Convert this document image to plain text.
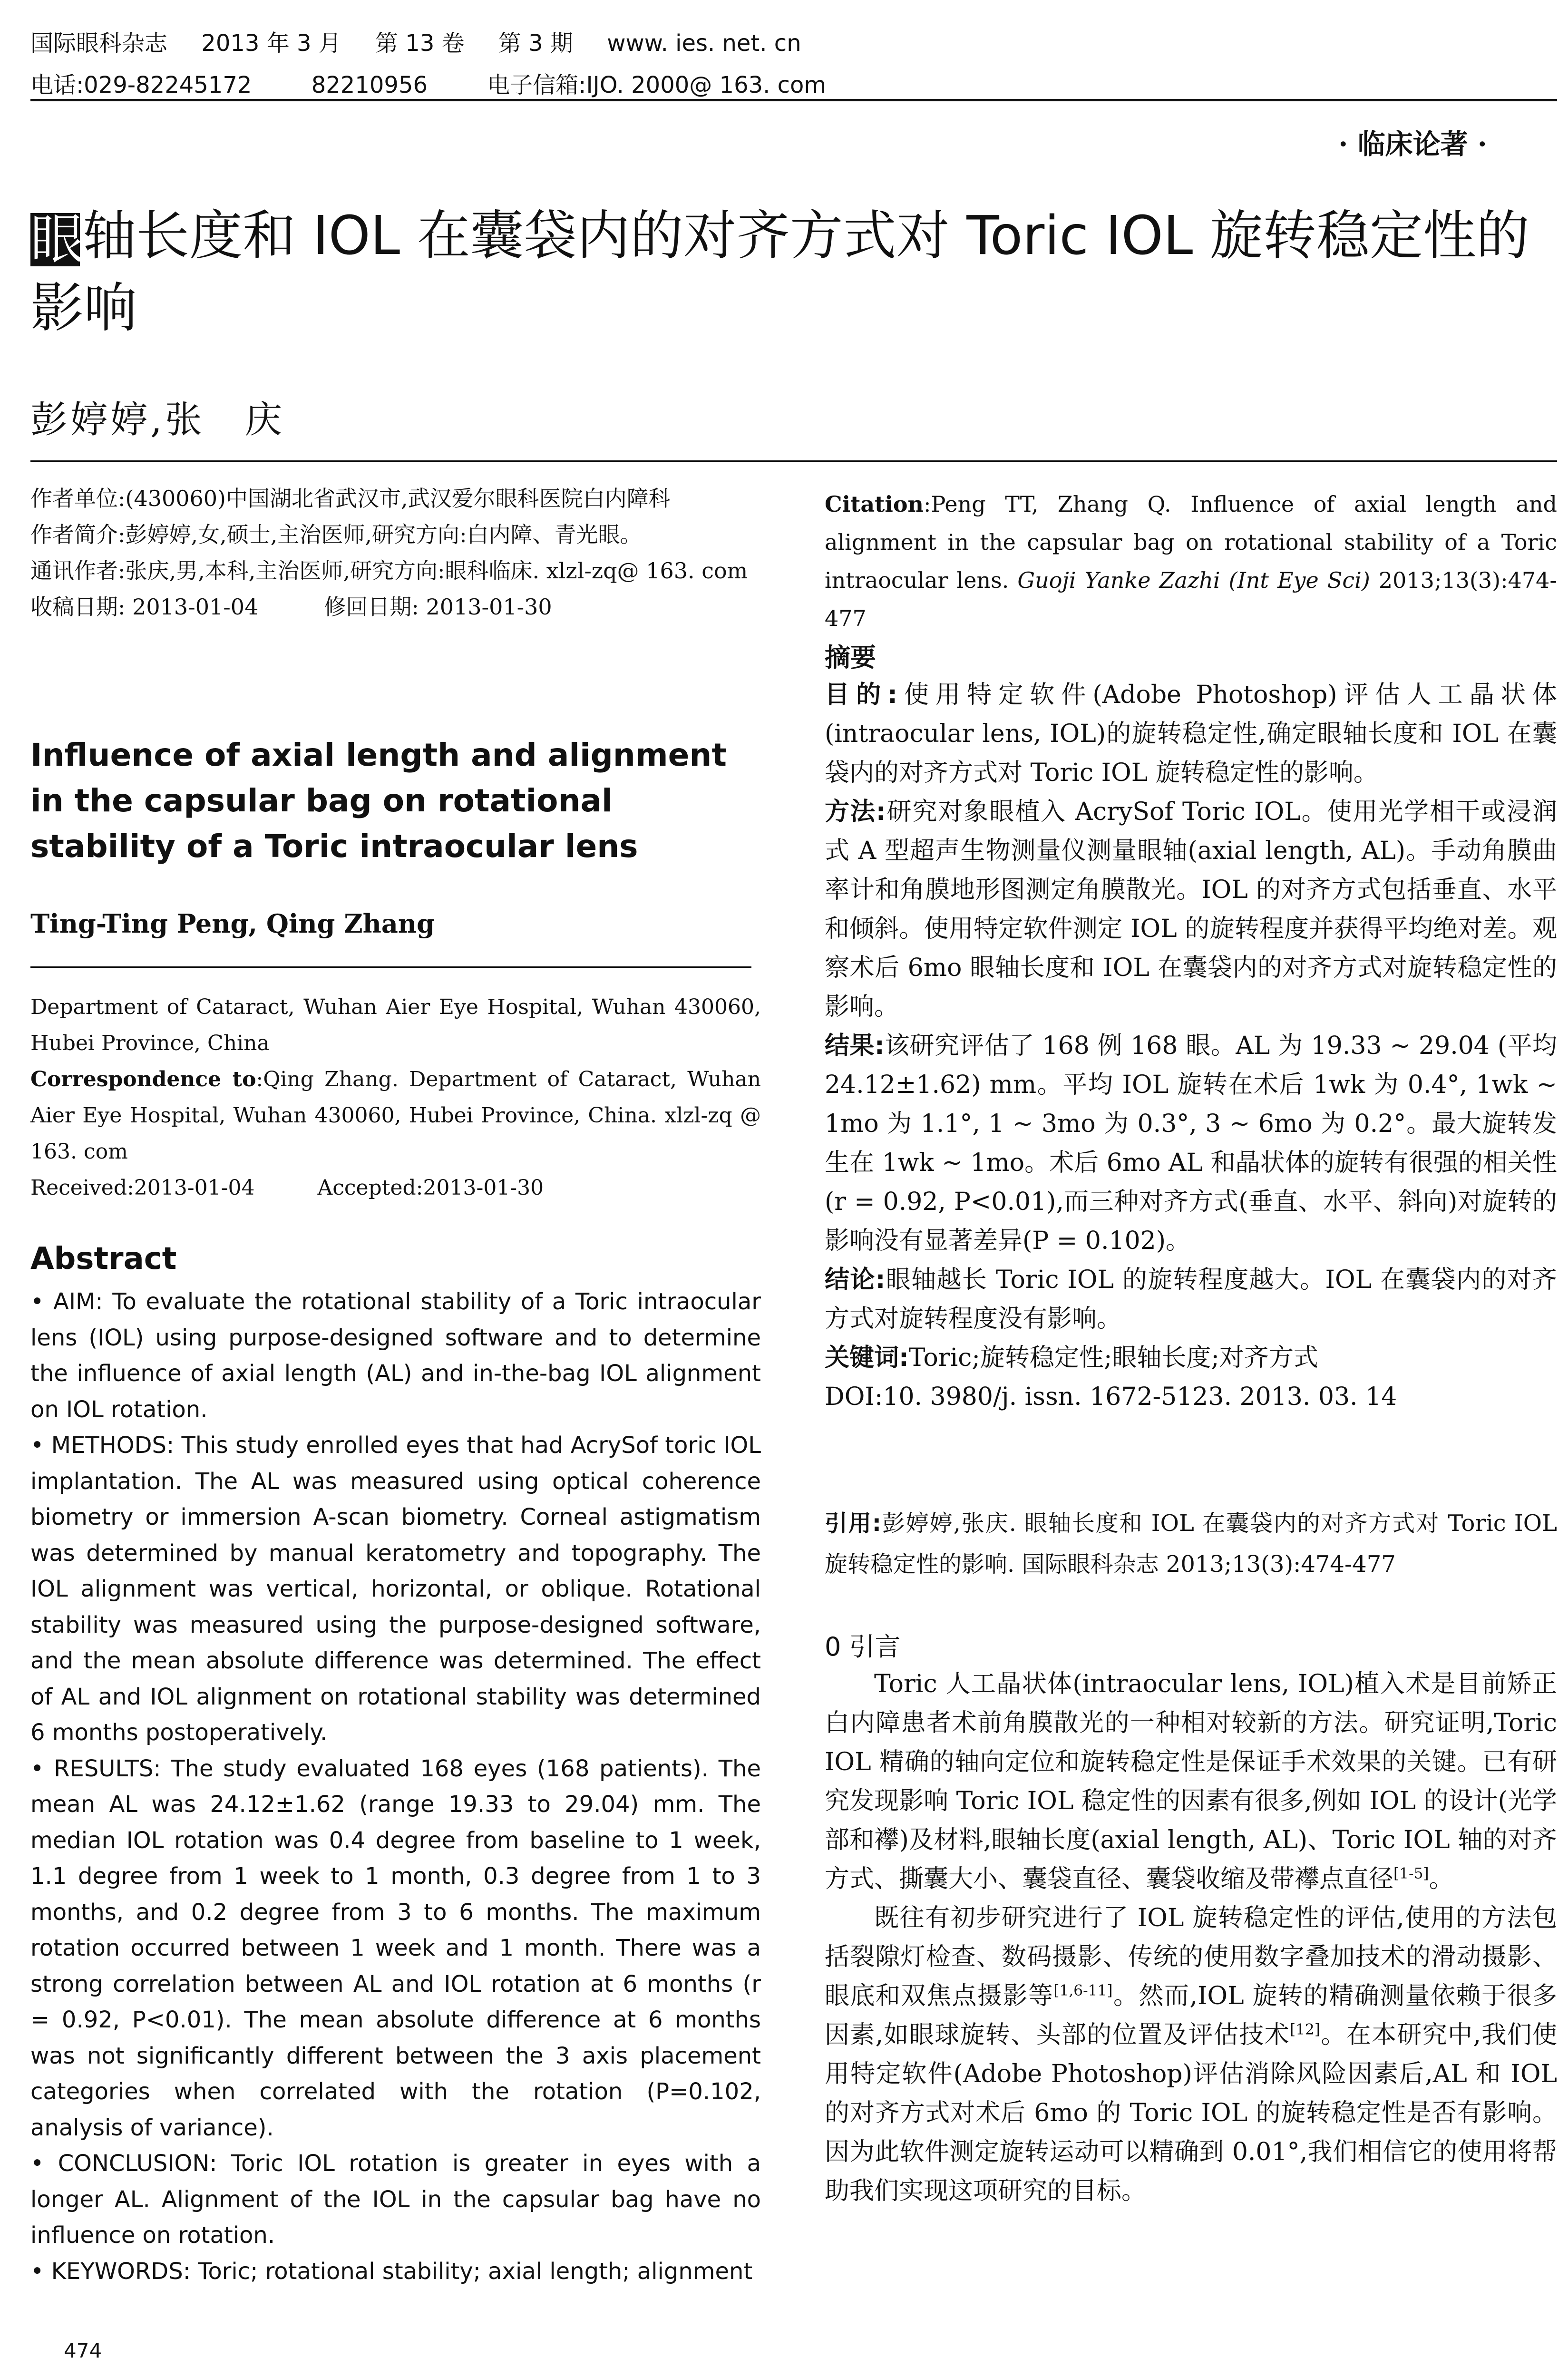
国际眼科杂志 2013 年 3 月 第 13 卷 第 3 期 www. ies. net. cn
电话:029-82245172	82210956	电子信箱:IJO. 2000@ 163. com
· 临床论著 ·
眼轴长度和 IOL 在囊袋内的对齐方式对 Toric IOL 旋转稳定性的影响
彭婷婷,张　庆
作者单位:(430060)中国湖北省武汉市,武汉爱尔眼科医院白内障科
作者简介:彭婷婷,女,硕士,主治医师,研究方向:白内障、青光眼。
通讯作者:张庆,男,本科,主治医师,研究方向:眼科临床. xlzl-zq@ 163. com
收稿日期: 2013-01-04　　　修回日期: 2013-01-30
Influence of axial length and alignment in the capsular bag on rotational stability of a Toric intraocular lens
Ting-Ting Peng, Qing Zhang
Department of Cataract, Wuhan Aier Eye Hospital, Wuhan 430060, Hubei Province, China
Correspondence to:Qing Zhang. Department of Cataract, Wuhan Aier Eye Hospital, Wuhan 430060, Hubei Province, China. xlzl-zq @ 163. com
Received:2013-01-04　　　Accepted:2013-01-30
Abstract

• AIM: To evaluate the rotational stability of a Toric intraocular lens (IOL) using purpose-designed software and to determine the influence of axial length (AL) and in-the-bag IOL alignment on IOL rotation.

• METHODS: This study enrolled eyes that had AcrySof toric IOL implantation. The AL was measured using optical coherence biometry or immersion A-scan biometry. Corneal astigmatism was determined by manual keratometry and topography. The IOL alignment was vertical, horizontal, or oblique. Rotational stability was measured using the purpose-designed software, and the mean absolute difference was determined. The effect of AL and IOL alignment on rotational stability was determined 6 months postoperatively.

• RESULTS: The study evaluated 168 eyes (168 patients). The mean AL was 24.12±1.62 (range 19.33 to 29.04) mm. The median IOL rotation was 0.4 degree from baseline to 1 week, 1.1 degree from 1 week to 1 month, 0.3 degree from 1 to 3 months, and 0.2 degree from 3 to 6 months. The maximum rotation occurred between 1 week and 1 month. There was a strong correlation between AL and IOL rotation at 6 months (r = 0.92, P<0.01). The mean absolute difference at 6 months was not significantly different between the 3 axis placement categories when correlated with the rotation (P=0.102, analysis of variance).

• CONCLUSION: Toric IOL rotation is greater in eyes with a longer AL. Alignment of the IOL in the capsular bag have no influence on rotation.

• KEYWORDS: Toric; rotational stability; axial length; alignment

474
Citation:Peng TT, Zhang Q. Influence of axial length and alignment in the capsular bag on rotational stability of a Toric intraocular lens. Guoji Yanke Zazhi (Int Eye Sci) 2013;13(3):474-477
摘要

目的:使用特定软件(Adobe Photoshop)评估人工晶状体(intraocular lens, IOL)的旋转稳定性,确定眼轴长度和 IOL 在囊袋内的对齐方式对 Toric IOL 旋转稳定性的影响。

方法:研究对象眼植入 AcrySof Toric IOL。使用光学相干或浸润式 A 型超声生物测量仪测量眼轴(axial length, AL)。手动角膜曲率计和角膜地形图测定角膜散光。IOL 的对齐方式包括垂直、水平和倾斜。使用特定软件测定 IOL 的旋转程度并获得平均绝对差。观察术后 6mo 眼轴长度和 IOL 在囊袋内的对齐方式对旋转稳定性的影响。

结果:该研究评估了 168 例 168 眼。AL 为 19.33 ~ 29.04 (平均 24.12±1.62) mm。平均 IOL 旋转在术后 1wk 为 0.4°, 1wk ~ 1mo 为 1.1°, 1 ~ 3mo 为 0.3°, 3 ~ 6mo 为 0.2°。最大旋转发生在 1wk ~ 1mo。术后 6mo AL 和晶状体的旋转有很强的相关性(r = 0.92, P<0.01),而三种对齐方式(垂直、水平、斜向)对旋转的影响没有显著差异(P = 0.102)。

结论:眼轴越长 Toric IOL 的旋转程度越大。IOL 在囊袋内的对齐方式对旋转程度没有影响。

关键词:Toric;旋转稳定性;眼轴长度;对齐方式

DOI:10. 3980/j. issn. 1672-5123. 2013. 03. 14

引用:彭婷婷,张庆. 眼轴长度和 IOL 在囊袋内的对齐方式对 Toric IOL 旋转稳定性的影响. 国际眼科杂志 2013;13(3):474-477
0 引言

Toric 人工晶状体(intraocular lens, IOL)植入术是目前矫正白内障患者术前角膜散光的一种相对较新的方法。研究证明,Toric IOL 精确的轴向定位和旋转稳定性是保证手术效果的关键。已有研究发现影响 Toric IOL 稳定性的因素有很多,例如 IOL 的设计(光学部和襻)及材料,眼轴长度(axial length, AL)、Toric IOL 轴的对齐方式、撕囊大小、囊袋直径、囊袋收缩及带襻点直径[1-5]。

既往有初步研究进行了 IOL 旋转稳定性的评估,使用的方法包括裂隙灯检查、数码摄影、传统的使用数字叠加技术的滑动摄影、眼底和双焦点摄影等[1,6-11]。然而,IOL 旋转的精确测量依赖于很多因素,如眼球旋转、头部的位置及评估技术[12]。在本研究中,我们使用特定软件(Adobe Photoshop)评估消除风险因素后,AL 和 IOL 的对齐方式对术后 6mo 的 Toric IOL 的旋转稳定性是否有影响。因为此软件测定旋转运动可以精确到 0.01°,我们相信它的使用将帮助我们实现这项研究的目标。
